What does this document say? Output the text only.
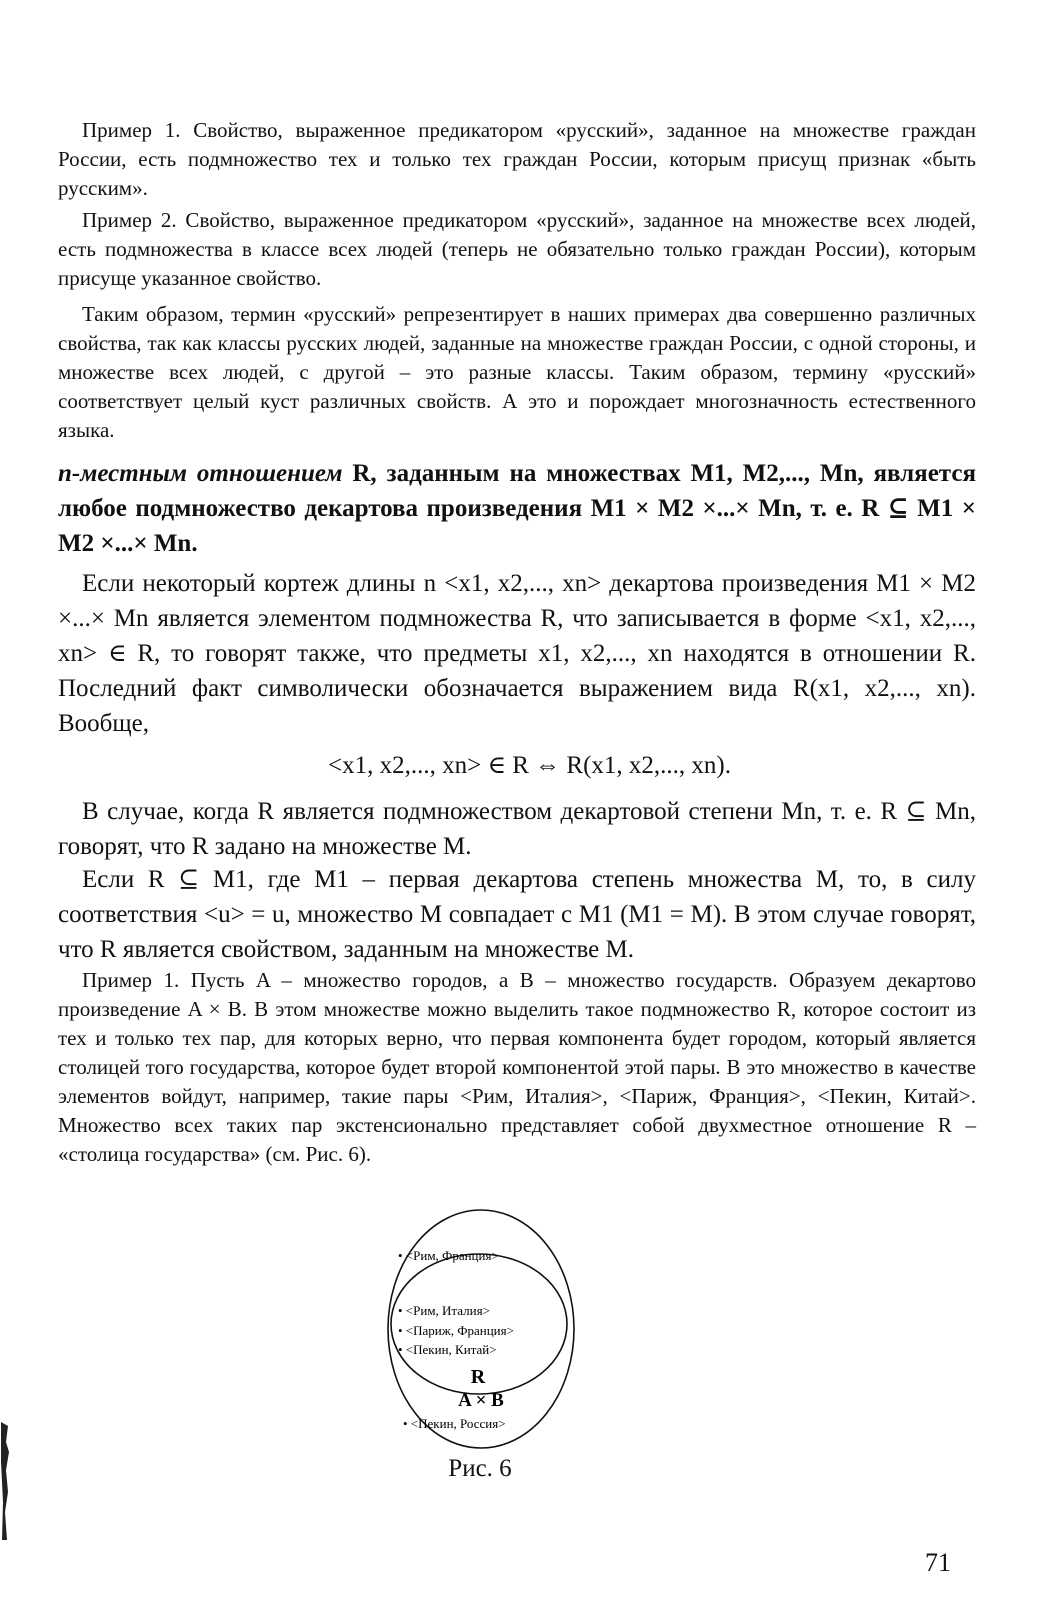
Пример 1. Свойство, выраженное предикатором «русский», заданное на множестве граждан России, есть подмножество тех и только тех граждан России, которым присущ признак «быть русским».

Пример 2. Свойство, выраженное предикатором «русский», заданное на множестве всех людей, есть подмножества в классе всех людей (теперь не обязательно только граждан России), которым присуще указанное свойство.

Таким образом, термин «русский» репрезентирует в наших примерах два совершенно различных свойства, так как классы русских людей, заданные на множестве граждан России, с одной стороны, и множестве всех людей, с другой – это разные классы. Таким образом, термину «русский» соответствует целый куст различных свойств. А это и порождает многозначность естественного языка.

n-местным отношением R, заданным на множествах M1, M2,..., Mn, является любое подмножество декартова произведения M1 × M2 ×...× Mn, т. е. R ⊆ M1 × M2 ×...× Mn.

Если некоторый кортеж длины n <x1, x2,..., xn> декартова произведения M1 × M2 ×...× Mn является элементом подмножества R, что записывается в форме <x1, x2,..., xn> ∈ R, то говорят также, что предметы x1, x2,..., xn находятся в отношении R. Последний факт символически обозначается выражением вида R(x1, x2,..., xn). Вообще,

<x1, x2,..., xn> ∈ R ⇔ R(x1, x2,..., xn).

В случае, когда R является подмножеством декартовой степени Mn, т. е. R ⊆ Mn, говорят, что R задано на множестве M.

Если R ⊆ M1, где M1 – первая декартова степень множества M, то, в силу соответствия <u> = u, множество M совпадает с M1 (M1 = M). В этом случае говорят, что R является свойством, заданным на множестве M.

Пример 1. Пусть A – множество городов, а B – множество государств. Образуем декартово произведение A × B. В этом множестве можно выделить такое подмножество R, которое состоит из тех и только тех пар, для которых верно, что первая компонента будет городом, который является столицей того государства, которое будет второй компонентой этой пары. В это множество в качестве элементов войдут, например, такие пары <Рим, Италия>, <Париж, Франция>, <Пекин, Китай>. Множество всех таких пар экстенсионально представляет собой двухместное отношение R – «столица государства» (см. Рис. 6).

• <Рим, Франция>
• <Рим, Италия>
• <Париж, Франция>
• <Пекин, Китай>
R
A × B
• <Пекин, Россия>

Рис. 6

71
